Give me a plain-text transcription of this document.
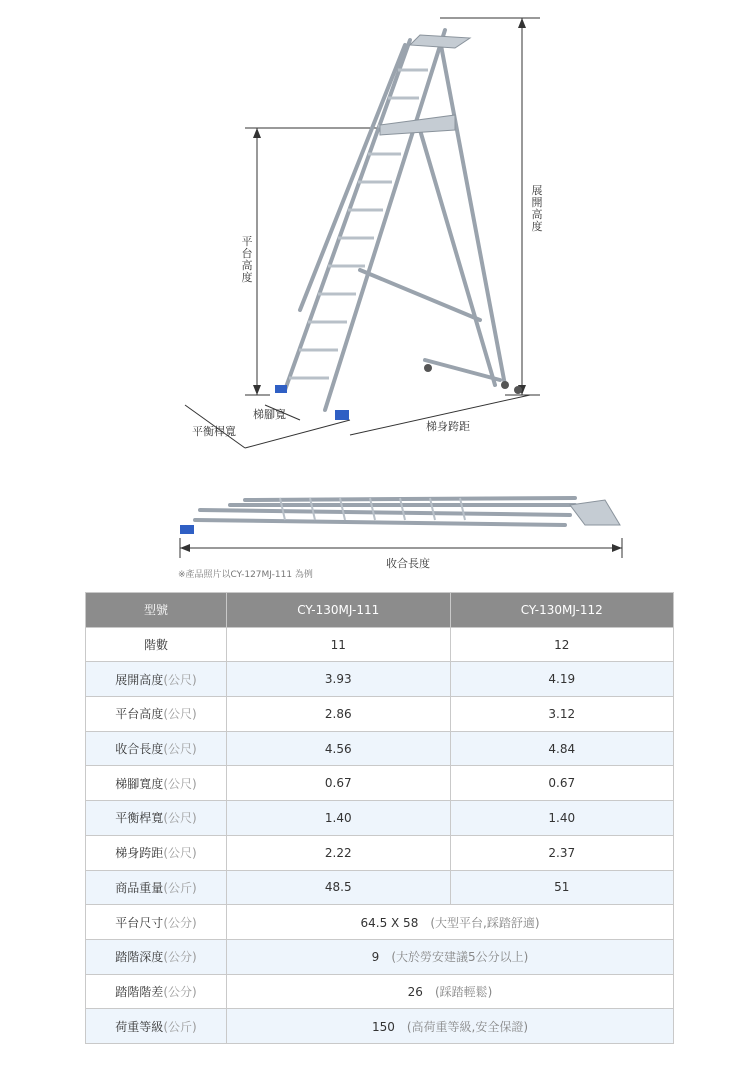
平台高度
展開高度
梯腳寬
平衡桿寬	梯身跨距
收合長度
※產品照片以CY-127MJ-111 為例
型號	CY-130MJ-111	CY-130MJ-112
階數	11	12
展開高度(公尺)	3.93	4.19
平台高度(公尺)	2.86	3.12
收合長度(公尺)	4.56	4.84
梯腳寬度(公尺)	0.67	0.67
平衡桿寬(公尺)	1.40	1.40
梯身跨距(公尺)	2.22	2.37
商品重量(公斤)	48.5	51
平台尺寸(公分)	64.5 X 58 (大型平台,踩踏舒適)	
踏階深度(公分)	9 (大於勞安建議5公分以上)	
踏階階差(公分)	26 (踩踏輕鬆)	
荷重等級(公斤)	150 (高荷重等級,安全保證)	
